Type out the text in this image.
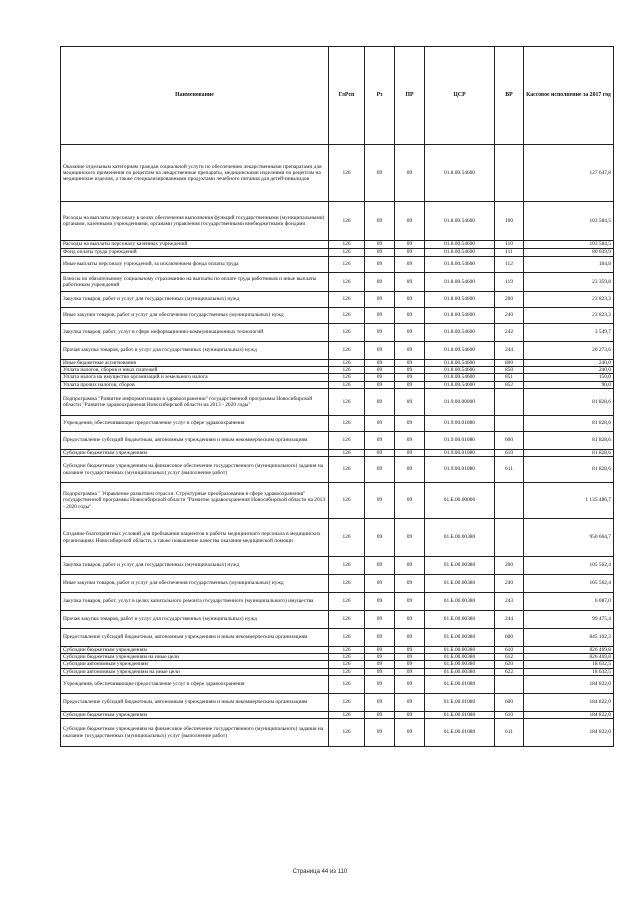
Наименование	ГлРсп	Рз	ПР	ЦСР	ВР	Кассовое исполнение за 2017 год
Оказание отдельным категориям граждан социальной услуги по обеспечению лекарственными препаратами для медицинского применения по рецептам на лекарственные препараты, медицинскими изделиями по рецептам на медицинские изделия, а также специализированными продуктами лечебного питания для детей-инвалидов	126	09	09	01.8.00.54600		127 647,8
Расходы на выплаты персоналу в целях обеспечения выполнения функций государственными (муниципальными) органами, казенными учреждениями, органами управления государственными внебюджетными фондами	126	09	09	01.8.00.54600	100	103 584,5
Расходы на выплаты персоналу казенных учреждений	126	09	09	01.8.00.54600	110	103 584,5
Фонд оплаты труда учреждений	126	09	09	01.8.00.54600	111	80 039,9
Иные выплаты персоналу учреждений, за исключением фонда оплаты труда	126	09	09	01.8.00.54600	112	184,8
Взносы по обязательному социальному страхованию на выплаты по оплате труда работников и иные выплаты работникам учреждений	126	09	09	01.8.00.54600	119	23 359,8
Закупка товаров, работ и услуг для государственных (муниципальных) нужд	126	09	09	01.8.00.54600	200	23 823,3
Иные закупки товаров, работ и услуг для обеспечения государственных (муниципальных) нужд	126	09	09	01.8.00.54600	240	23 823,3
Закупка товаров, работ, услуг в сфере информационно-коммуникационных технологий	126	09	09	01.8.00.54600	242	3 549,7
Прочая закупка товаров, работ и услуг для государственных (муниципальных) нужд	126	09	09	01.8.00.54600	244	20 273,6
Иные бюджетные ассигнования	126	09	09	01.8.00.54600	800	240,0
Уплата налогов, сборов и иных платежей	126	09	09	01.8.00.54600	850	240,0
Уплата налога на имущество организаций и земельного налога	126	09	09	01.8.00.54600	851	150,0
Уплата прочих налогов, сборов	126	09	09	01.8.00.54600	852	90,0
Подпрограмма "Развитие информатизации в здравоохранении" государственной программы Новосибирской области "Развитие здравоохранения Новосибирской области на 2013 - 2020 годы"	126	09	09	01.9.00.00000		81 828,6
Учреждения, обеспечивающие предоставление услуг в сфере здравоохранения	126	09	09	01.9.00.01080		81 828,6
Предоставление субсидий бюджетным, автономным учреждениям и иным некоммерческим организациям	126	09	09	01.9.00.01080	600	81 828,6
Субсидии бюджетным учреждениям	126	09	09	01.9.00.01080	610	81 828,6
Субсидии бюджетным учреждениям на финансовое обеспечение государственного (муниципального) задания на оказание государственных (муниципальных) услуг (выполнение работ)	126	09	09	01.9.00.01080	611	81 828,6
Подпрограмма " Управление развитием отрасли. Структурные преобразования в сфере здравоохранения" государственной программы Новосибирской области "Развитие здравоохранения Новосибирской области на 2013 - 2020 годы"	126	09	09	01.Б.00.00000		1 135 486,7
Создание благоприятных условий для пребывания пациентов и работы медицинского персонала в медицинских организациях Новосибирской области, а также повышение качества оказания медицинской помощи	126	09	09	01.Б.00.00380		950 664,7
Закупка товаров, работ и услуг для государственных (муниципальных) нужд	126	09	09	01.Б.00.00380	200	105 562,4
Иные закупки товаров, работ и услуг для обеспечения государственных (муниципальных) нужд	126	09	09	01.Б.00.00380	240	105 562,4
Закупка товаров, работ, услуг в целях капитального ремонта государственного (муниципального) имущества	126	09	09	01.Б.00.00380	243	6 087,0
Прочая закупка товаров, работ и услуг для государственных (муниципальных) нужд	126	09	09	01.Б.00.00380	244	99 475,4
Предоставление субсидий бюджетным, автономным учреждениям и иным некоммерческим организациям	126	09	09	01.Б.00.00380	600	845 102,3
Субсидии бюджетным учреждениям	126	09	09	01.Б.00.00380	610	826 469,8
Субсидии бюджетным учреждениям на иные цели	126	09	09	01.Б.00.00380	612	826 469,8
Субсидии автономным учреждениям	126	09	09	01.Б.00.00380	620	18 632,5
Субсидии автономным учреждениям на иные цели	126	09	09	01.Б.00.00380	622	18 632,5
Учреждения, обеспечивающие предоставление услуг в сфере здравоохранения	126	09	09	01.Б.00.01080		184 822,0
Предоставление субсидий бюджетным, автономным учреждениям и иным некоммерческим организациям	126	09	09	01.Б.00.01080	600	184 822,0
Субсидии бюджетным учреждениям	126	09	09	01.Б.00.01080	610	184 822,0
Субсидии бюджетным учреждениям на финансовое обеспечение государственного (муниципального) задания на оказание государственных (муниципальных) услуг (выполнение работ)	126	09	09	01.Б.00.01080	611	184 822,0
Страница 44 из 110
